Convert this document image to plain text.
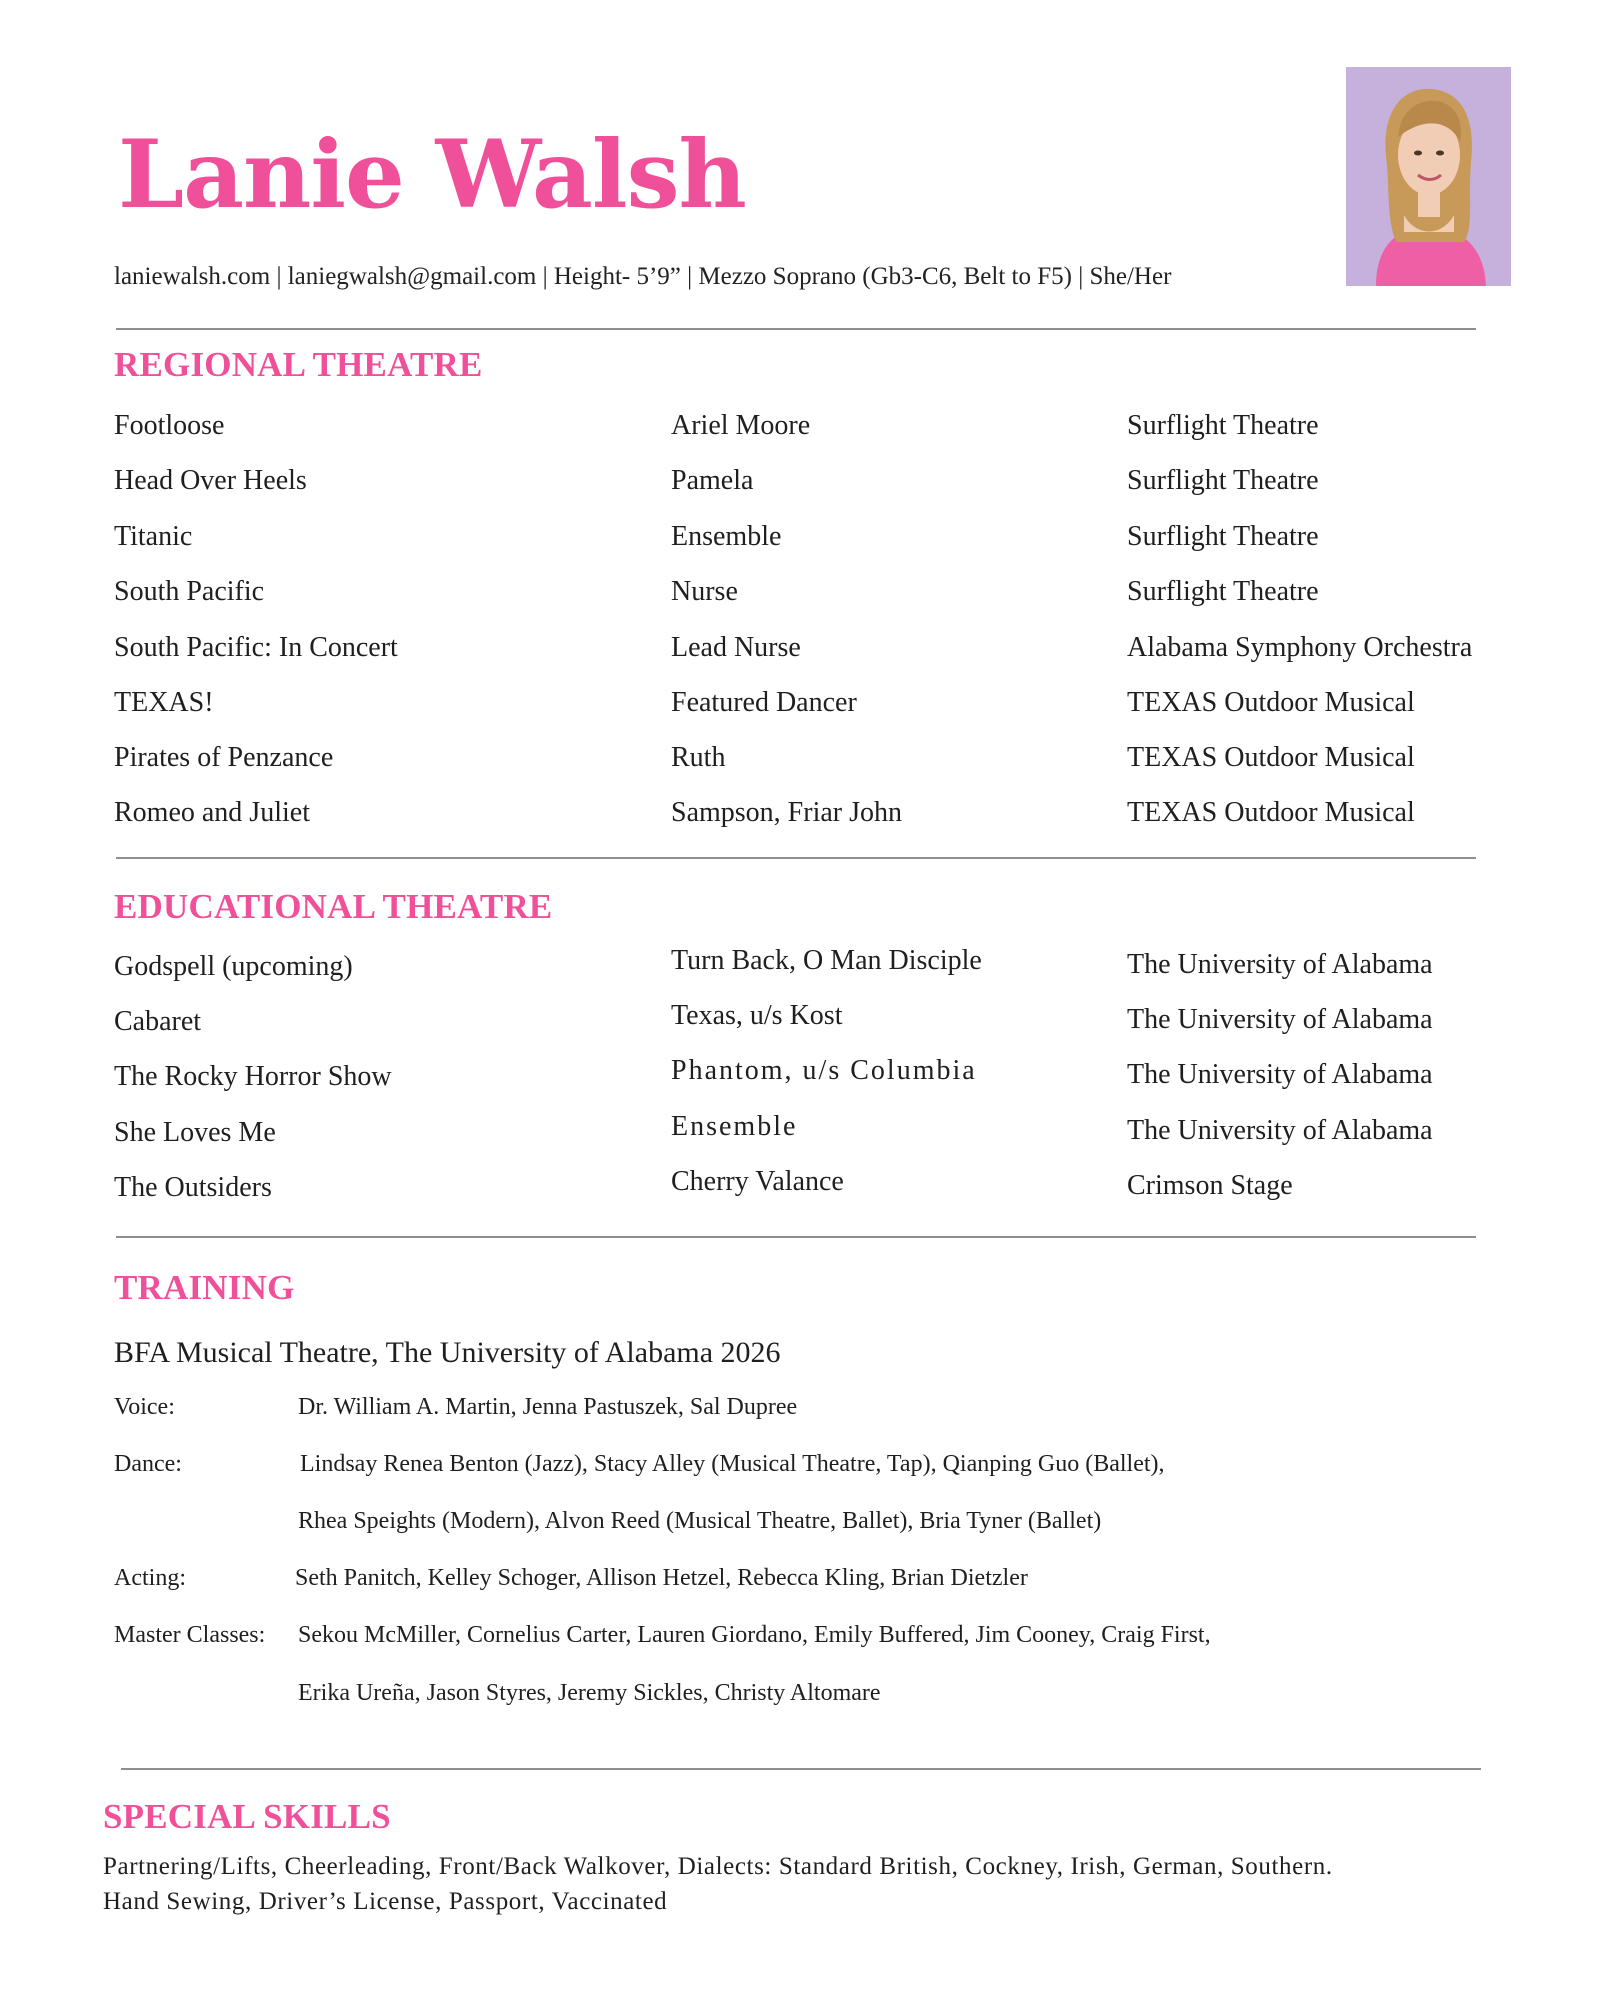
Lanie Walsh
laniewalsh.com | laniegwalsh@gmail.com | Height- 5’9” | Mezzo Soprano (Gb3-C6, Belt to F5) | She/Her
REGIONAL THEATRE
Footloose	Ariel Moore	Surflight Theatre
Head Over Heels	Pamela	Surflight Theatre
Titanic	Ensemble	Surflight Theatre
South Pacific	Nurse	Surflight Theatre
South Pacific: In Concert	Lead Nurse	Alabama Symphony Orchestra
TEXAS!	Featured Dancer	TEXAS Outdoor Musical
Pirates of Penzance	Ruth	TEXAS Outdoor Musical
Romeo and Juliet	Sampson, Friar John	TEXAS Outdoor Musical
EDUCATIONAL THEATRE
Godspell (upcoming)	Turn Back, O Man Disciple	The University of Alabama
Cabaret	Texas, u/s Kost	The University of Alabama
The Rocky Horror Show	Phantom, u/s Columbia	The University of Alabama
She Loves Me	Ensemble	The University of Alabama
The Outsiders	Cherry Valance	Crimson Stage
TRAINING
BFA Musical Theatre, The University of Alabama 2026
Voice:	Dr. William A. Martin, Jenna Pastuszek, Sal Dupree
Dance:	Lindsay Renea Benton (Jazz), Stacy Alley (Musical Theatre, Tap), Qianping Guo (Ballet),
Rhea Speights (Modern), Alvon Reed (Musical Theatre, Ballet), Bria Tyner (Ballet)
Acting:	Seth Panitch, Kelley Schoger, Allison Hetzel, Rebecca Kling, Brian Dietzler
Master Classes: Sekou McMiller, Cornelius Carter, Lauren Giordano, Emily Buffered, Jim Cooney, Craig First,
Erika Ureña, Jason Styres, Jeremy Sickles, Christy Altomare
SPECIAL SKILLS
Partnering/Lifts, Cheerleading, Front/Back Walkover, Dialects: Standard British, Cockney, Irish, German, Southern.
Hand Sewing, Driver’s License, Passport, Vaccinated
